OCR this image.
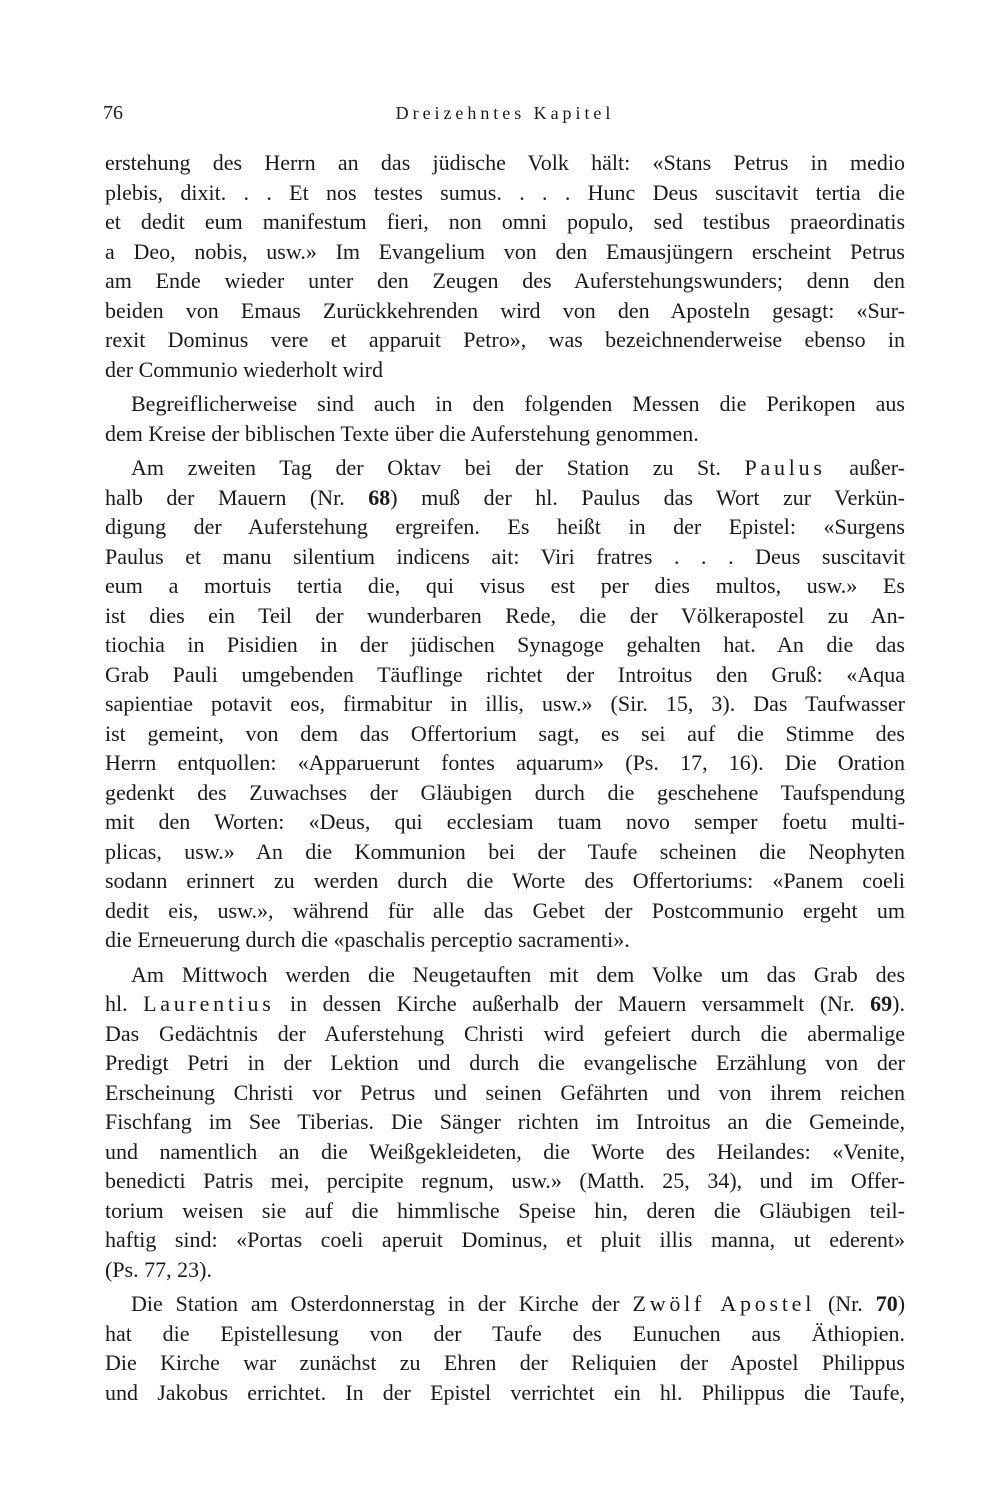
76	Dreizehntes Kapitel
erstehung des Herrn an das jüdische Volk hält: «Stans Petrus in medio
plebis, dixit. . . Et nos testes sumus. . . . Hunc Deus suscitavit tertia die
et dedit eum manifestum fieri, non omni populo, sed testibus praeordinatis
a Deo, nobis, usw.» Im Evangelium von den Emausjüngern erscheint Petrus
am Ende wieder unter den Zeugen des Auferstehungswunders; denn den
beiden von Emaus Zurückkehrenden wird von den Aposteln gesagt: «Sur-
rexit Dominus vere et apparuit Petro», was bezeichnenderweise ebenso in
der Communio wiederholt wird
Begreiflicherweise sind auch in den folgenden Messen die Perikopen aus
dem Kreise der biblischen Texte über die Auferstehung genommen.
Am zweiten Tag der Oktav bei der Station zu St. Paulus außer-
halb der Mauern (Nr. 68) muß der hl. Paulus das Wort zur Verkün-
digung der Auferstehung ergreifen. Es heißt in der Epistel: «Surgens
Paulus et manu silentium indicens ait: Viri fratres . . . Deus suscitavit
eum a mortuis tertia die, qui visus est per dies multos, usw.» Es
ist dies ein Teil der wunderbaren Rede, die der Völkerapostel zu An-
tiochia in Pisidien in der jüdischen Synagoge gehalten hat. An die das
Grab Pauli umgebenden Täuflinge richtet der Introitus den Gruß: «Aqua
sapientiae potavit eos, firmabitur in illis, usw.» (Sir. 15, 3). Das Taufwasser
ist gemeint, von dem das Offertorium sagt, es sei auf die Stimme des
Herrn entquollen: «Apparuerunt fontes aquarum» (Ps. 17, 16). Die Oration
gedenkt des Zuwachses der Gläubigen durch die geschehene Taufspendung
mit den Worten: «Deus, qui ecclesiam tuam novo semper foetu multi-
plicas, usw.» An die Kommunion bei der Taufe scheinen die Neophyten
sodann erinnert zu werden durch die Worte des Offertoriums: «Panem coeli
dedit eis, usw.», während für alle das Gebet der Postcommunio ergeht um
die Erneuerung durch die «paschalis perceptio sacramenti».
Am Mittwoch werden die Neugetauften mit dem Volke um das Grab des
hl. Laurentius in dessen Kirche außerhalb der Mauern versammelt (Nr. 69).
Das Gedächtnis der Auferstehung Christi wird gefeiert durch die abermalige
Predigt Petri in der Lektion und durch die evangelische Erzählung von der
Erscheinung Christi vor Petrus und seinen Gefährten und von ihrem reichen
Fischfang im See Tiberias. Die Sänger richten im Introitus an die Gemeinde,
und namentlich an die Weißgekleideten, die Worte des Heilandes: «Venite,
benedicti Patris mei, percipite regnum, usw.» (Matth. 25, 34), und im Offer-
torium weisen sie auf die himmlische Speise hin, deren die Gläubigen teil-
haftig sind: «Portas coeli aperuit Dominus, et pluit illis manna, ut ederent»
(Ps. 77, 23).
Die Station am Osterdonnerstag in der Kirche der Zwölf Apostel (Nr. 70)
hat die Epistellesung von der Taufe des Eunuchen aus Äthiopien.
Die Kirche war zunächst zu Ehren der Reliquien der Apostel Philippus
und Jakobus errichtet. In der Epistel verrichtet ein hl. Philippus die Taufe,
